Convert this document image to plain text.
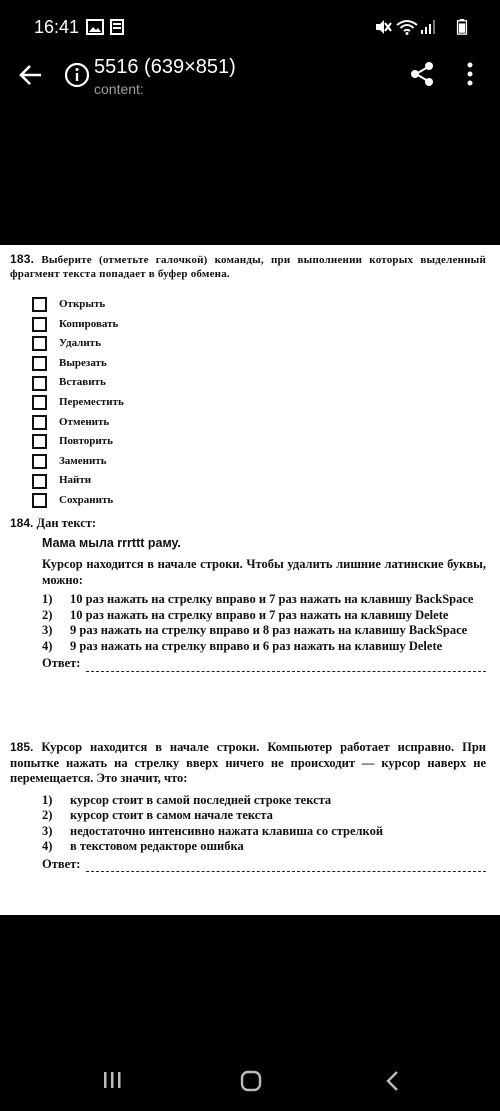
16:41
5516 (639×851)
content:

183. Выберите (отметьте галочкой) команды, при выполнении которых выделенный фрагмент текста попадает в буфер обмена.

Открыть
Копировать
Удалить
Вырезать
Вставить
Переместить
Отменить
Повторить
Заменить
Найти
Сохранить

184. Дан текст:

Мама мыла rrrttt раму.

Курсор находится в начале строки. Чтобы удалить лишние латинские буквы, можно:

1)	10 раз нажать на стрелку вправо и 7 раз нажать на клавишу BackSpace
2)	10 раз нажать на стрелку вправо и 7 раз нажать на клавишу Delete
3)	9 раз нажать на стрелку вправо и 8 раз нажать на клавишу BackSpace
4)	9 раз нажать на стрелку вправо и 6 раз нажать на клавишу Delete
Ответ:

185. Курсор находится в начале строки. Компьютер работает исправно. При попытке нажать на стрелку вверх ничего не происходит — курсор наверх не перемещается. Это значит, что:

1)	курсор стоит в самой последней строке текста
2)	курсор стоит в самом начале текста
3)	недостаточно интенсивно нажата клавиша со стрелкой
4)	в текстовом редакторе ошибка
Ответ:
